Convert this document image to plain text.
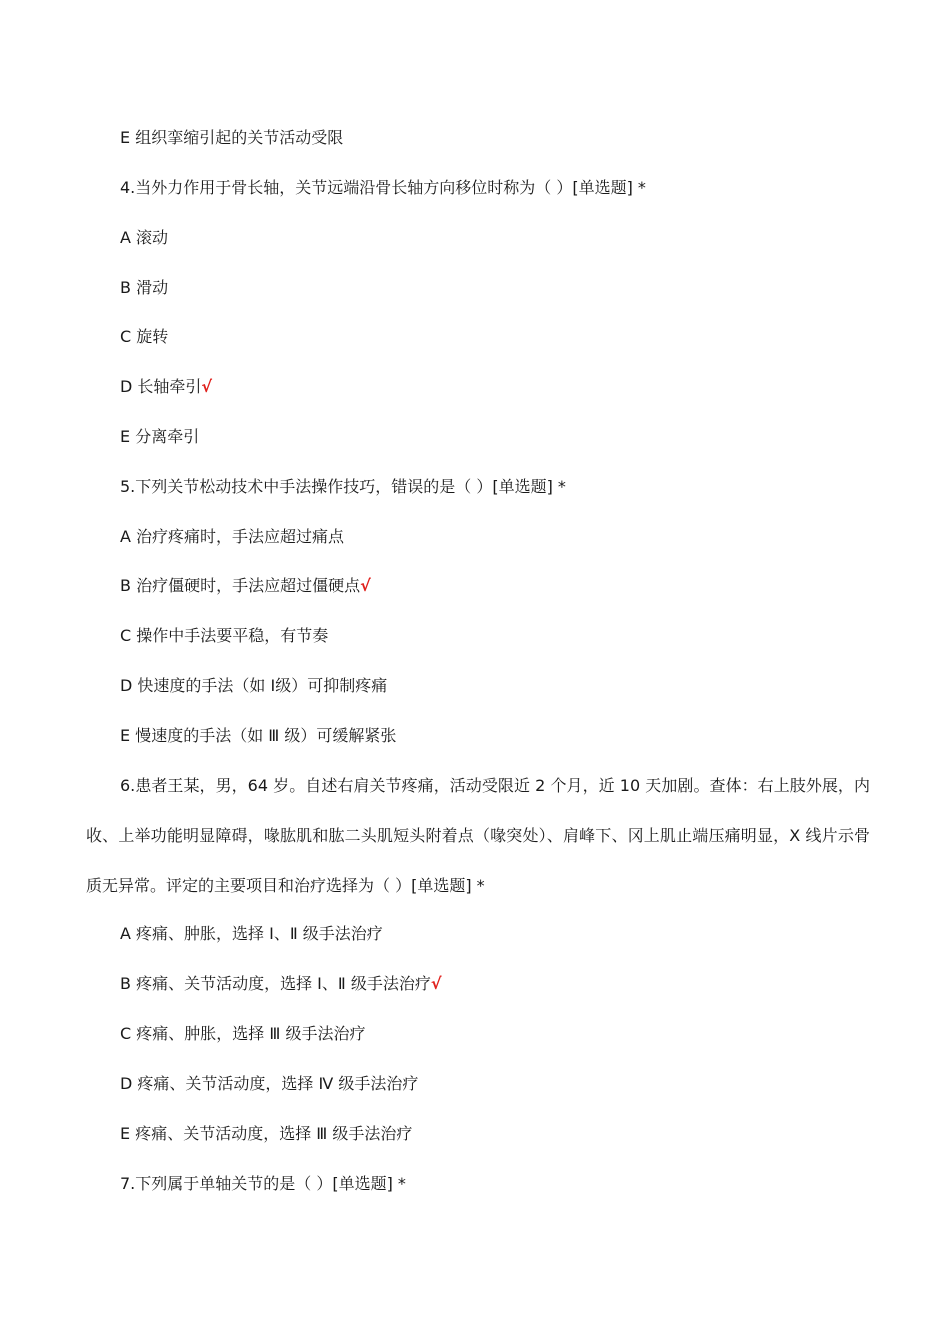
E 组织挛缩引起的关节活动受限
4.当外力作用于骨长轴，关节远端沿骨长轴方向移位时称为（ ）[单选题] *
A 滚动
B 滑动
C 旋转
D 长轴牵引√
E 分离牵引
5.下列关节松动技术中手法操作技巧，错误的是（ ）[单选题] *
A 治疗疼痛时，手法应超过痛点
B 治疗僵硬时，手法应超过僵硬点√
C 操作中手法要平稳，有节奏
D 快速度的手法（如 Ⅰ级）可抑制疼痛
E 慢速度的手法（如 Ⅲ 级）可缓解紧张
6.患者王某，男，64 岁。自述右肩关节疼痛，活动受限近 2 个月，近 10 天加剧。查体：右上肢外展，内收、上举功能明显障碍，喙肱肌和肱二头肌短头附着点（喙突处）、肩峰下、冈上肌止端压痛明显，X 线片示骨质无异常。评定的主要项目和治疗选择为（ ）[单选题] *
A 疼痛、肿胀，选择 Ⅰ、Ⅱ 级手法治疗
B 疼痛、关节活动度，选择 Ⅰ、Ⅱ 级手法治疗√
C 疼痛、肿胀，选择 Ⅲ 级手法治疗
D 疼痛、关节活动度，选择 Ⅳ 级手法治疗
E 疼痛、关节活动度，选择 Ⅲ 级手法治疗
7.下列属于单轴关节的是（ ）[单选题] *
